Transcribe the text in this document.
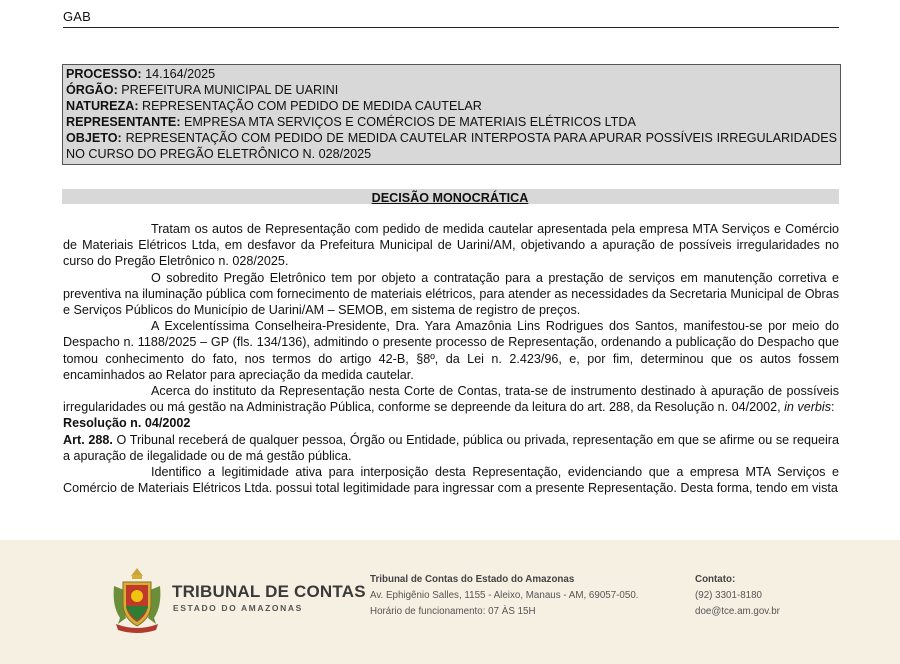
GAB
PROCESSO: 14.164/2025
ÓRGÃO: PREFEITURA MUNICIPAL DE UARINI
NATUREZA: REPRESENTAÇÃO COM PEDIDO DE MEDIDA CAUTELAR
REPRESENTANTE: EMPRESA MTA SERVIÇOS E COMÉRCIOS DE MATERIAIS ELÉTRICOS LTDA
OBJETO: REPRESENTAÇÃO COM PEDIDO DE MEDIDA CAUTELAR INTERPOSTA PARA APURAR POSSÍVEIS IRREGULARIDADES NO CURSO DO PREGÃO ELETRÔNICO N. 028/2025
DECISÃO MONOCRÁTICA

Tratam os autos de Representação com pedido de medida cautelar apresentada pela empresa MTA Serviços e Comércio de Materiais Elétricos Ltda, em desfavor da Prefeitura Municipal de Uarini/AM, objetivando a apuração de possíveis irregularidades no curso do Pregão Eletrônico n. 028/2025.

O sobredito Pregão Eletrônico tem por objeto a contratação para a prestação de serviços em manutenção corretiva e preventiva na iluminação pública com fornecimento de materiais elétricos, para atender as necessidades da Secretaria Municipal de Obras e Serviços Públicos do Município de Uarini/AM – SEMOB, em sistema de registro de preços.

A Excelentíssima Conselheira-Presidente, Dra. Yara Amazônia Lins Rodrigues dos Santos, manifestou-se por meio do Despacho n. 1188/2025 – GP (fls. 134/136), admitindo o presente processo de Representação, ordenando a publicação do Despacho que tomou conhecimento do fato, nos termos do artigo 42-B, §8º, da Lei n. 2.423/96, e, por fim, determinou que os autos fossem encaminhados ao Relator para apreciação da medida cautelar.

Acerca do instituto da Representação nesta Corte de Contas, trata-se de instrumento destinado à apuração de possíveis irregularidades ou má gestão na Administração Pública, conforme se depreende da leitura do art. 288, da Resolução n. 04/2002, in verbis:

Resolução n. 04/2002

Art. 288. O Tribunal receberá de qualquer pessoa, Órgão ou Entidade, pública ou privada, representação em que se afirme ou se requeira a apuração de ilegalidade ou de má gestão pública.

Identifico a legitimidade ativa para interposição desta Representação, evidenciando que a empresa MTA Serviços e Comércio de Materiais Elétricos Ltda. possui total legitimidade para ingressar com a presente Representação. Desta forma, tendo em vista

TRIBUNAL DE CONTAS
ESTADO DO AMAZONAS
Tribunal de Contas do Estado do Amazonas
Av. Ephigênio Salles, 1155 - Aleixo, Manaus - AM, 69057-050.
Horário de funcionamento: 07 ÀS 15H
Contato:
(92) 3301-8180
doe@tce.am.gov.br
